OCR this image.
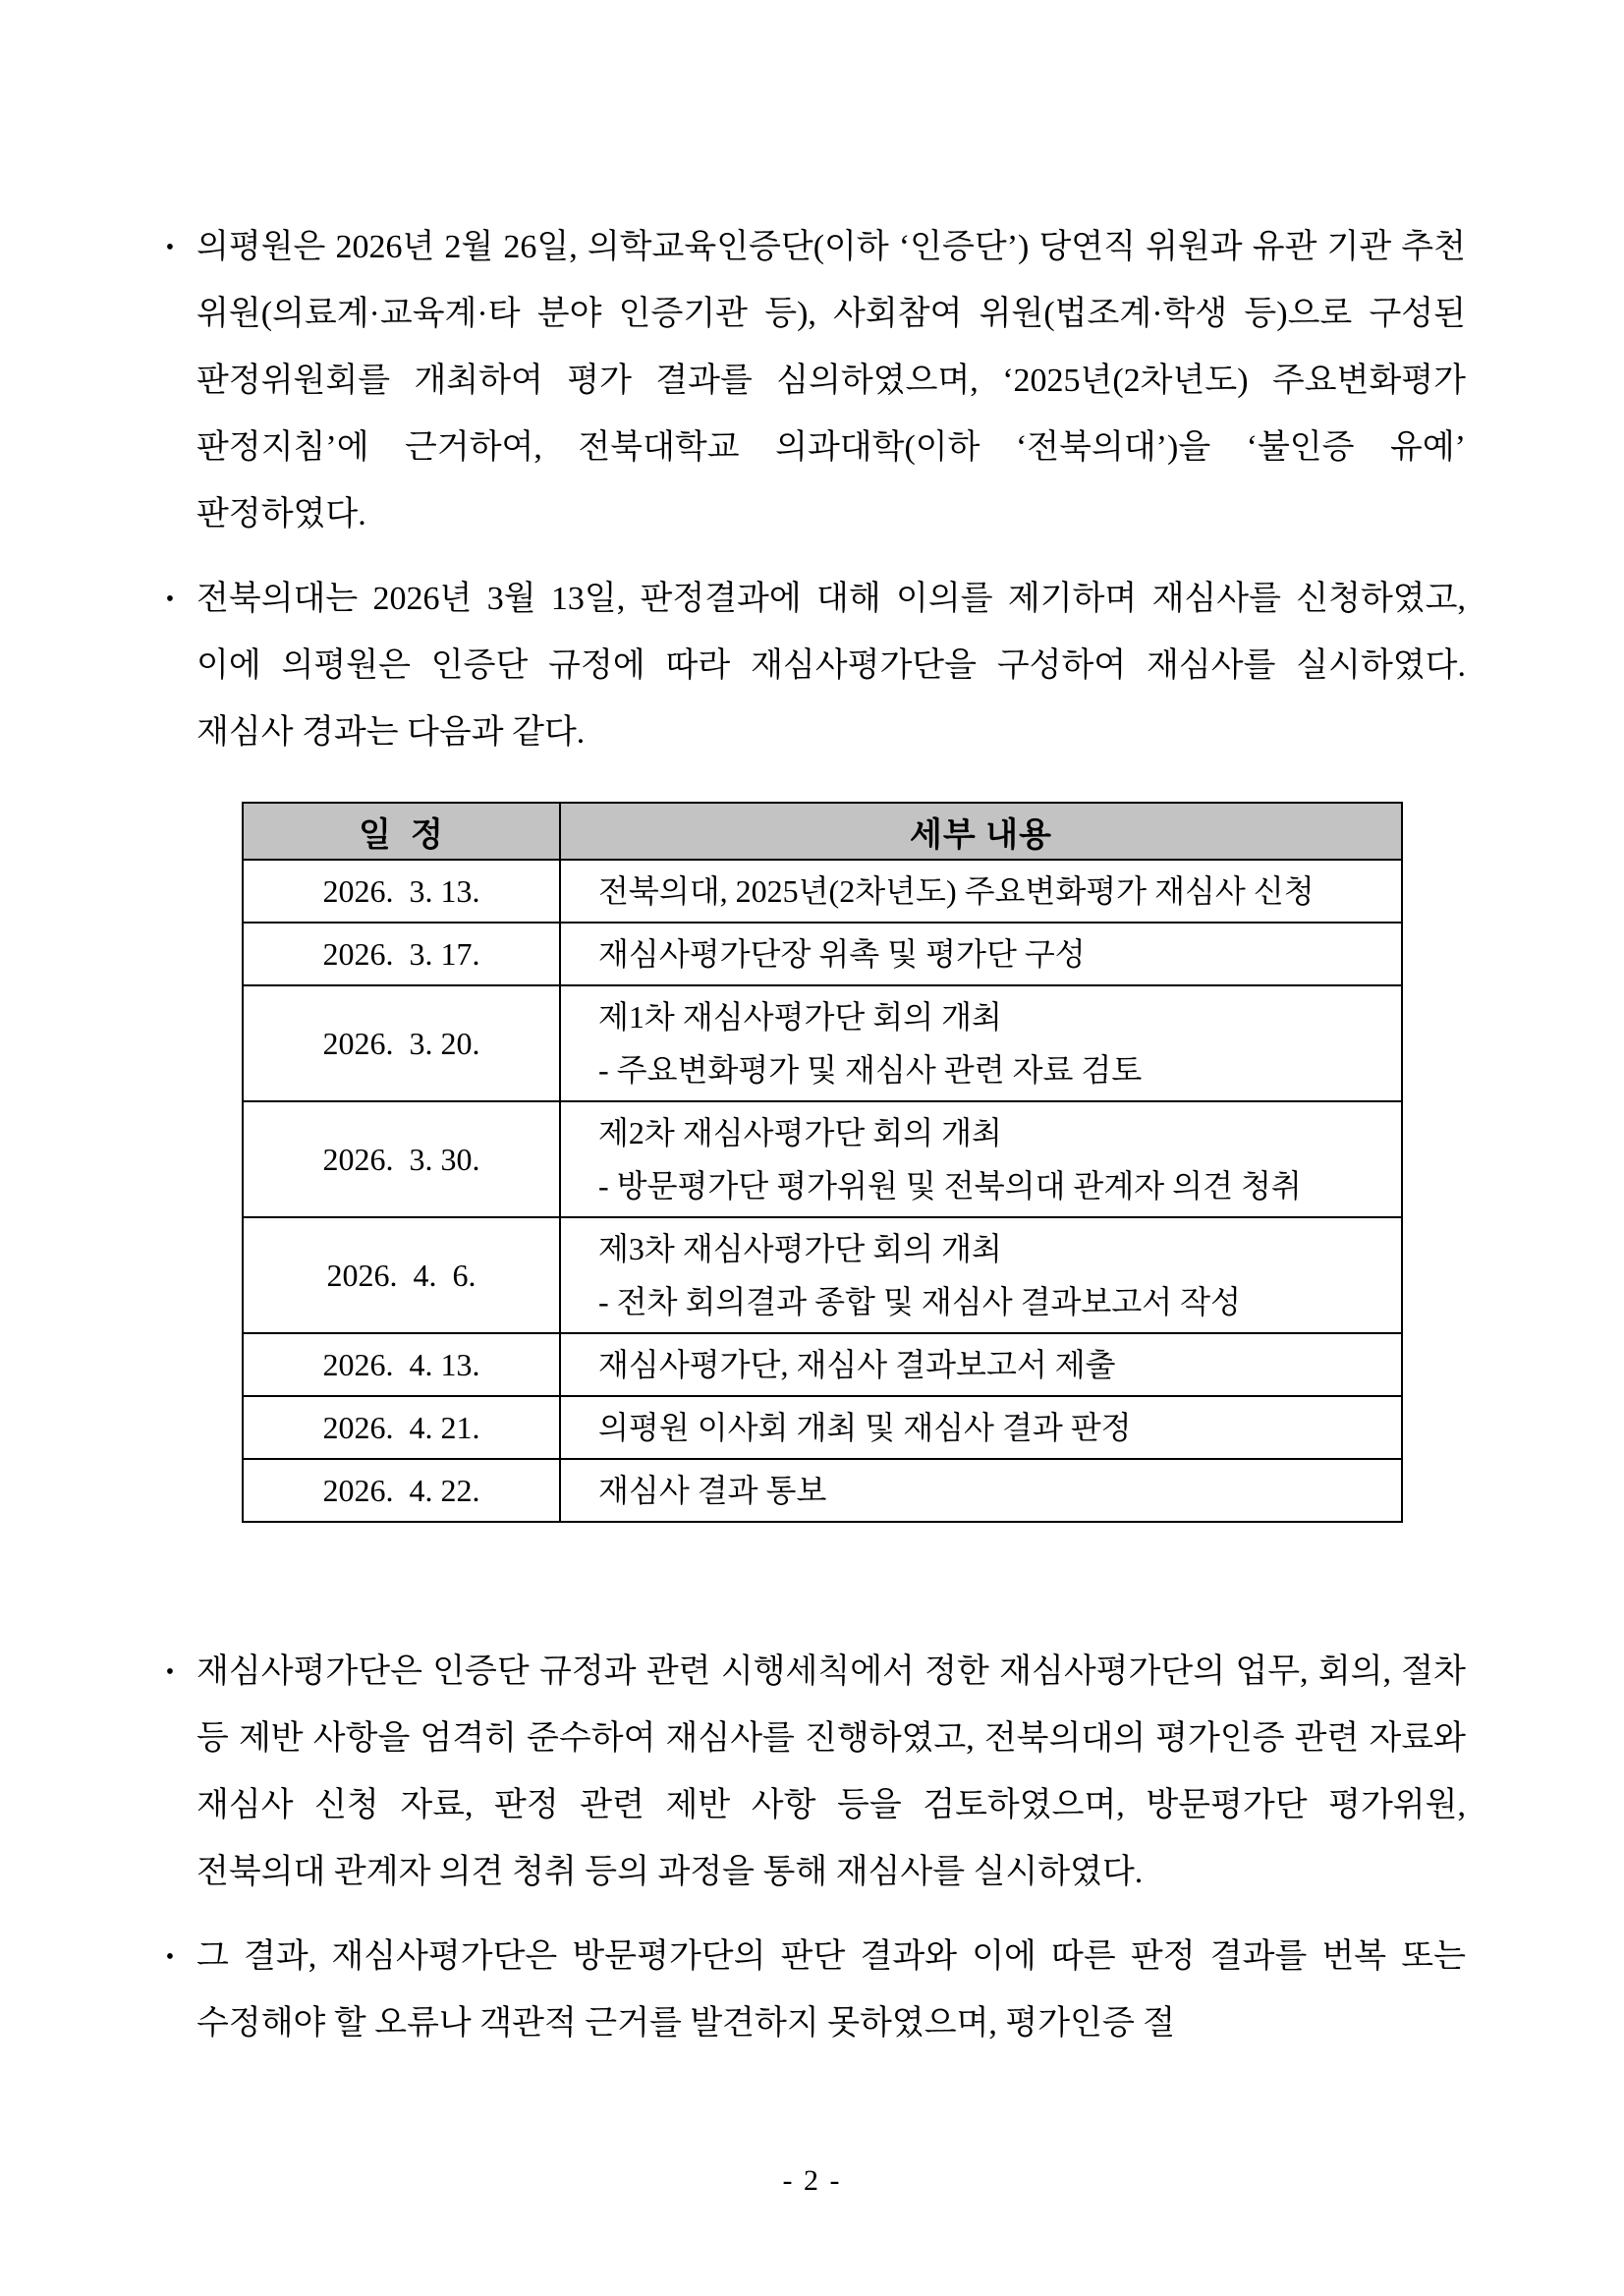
• 의평원은 2026년 2월 26일, 의학교육인증단(이하 ‘인증단’) 당연직 위원과 유관 기관 추천 위원(의료계·교육계·타 분야 인증기관 등), 사회참여 위원(법조계·학생 등)으로 구성된 판정위원회를 개최하여 평가 결과를 심의하였으며, ‘2025년(2차년도) 주요변화평가 판정지침’에 근거하여, 전북대학교 의과대학(이하 ‘전북의대’)을 ‘불인증 유예’ 판정하였다.
• 전북의대는 2026년 3월 13일, 판정결과에 대해 이의를 제기하며 재심사를 신청하였고, 이에 의평원은 인증단 규정에 따라 재심사평가단을 구성하여 재심사를 실시하였다. 재심사 경과는 다음과 같다.
일  정	세부 내용
2026.  3. 13.	전북의대, 2025년(2차년도) 주요변화평가 재심사 신청

2026.  3. 17.	재심사평가단장 위촉 및 평가단 구성

2026.  3. 20.	제1차 재심사평가단 회의 개최
- 주요변화평가 및 재심사 관련 자료 검토

2026.  3. 30.	제2차 재심사평가단 회의 개최
- 방문평가단 평가위원 및 전북의대 관계자 의견 청취

2026.  4.  6.	제3차 재심사평가단 회의 개최
- 전차 회의결과 종합 및 재심사 결과보고서 작성

2026.  4. 13.	재심사평가단, 재심사 결과보고서 제출

2026.  4. 21.	의평원 이사회 개최 및 재심사 결과 판정

2026.  4. 22.	재심사 결과 통보
• 재심사평가단은 인증단 규정과 관련 시행세칙에서 정한 재심사평가단의 업무, 회의, 절차 등 제반 사항을 엄격히 준수하여 재심사를 진행하였고, 전북의대의 평가인증 관련 자료와 재심사 신청 자료, 판정 관련 제반 사항 등을 검토하였으며, 방문평가단 평가위원, 전북의대 관계자 의견 청취 등의 과정을 통해 재심사를 실시하였다.
• 그 결과, 재심사평가단은 방문평가단의 판단 결과와 이에 따른 판정 결과를 번복 또는 수정해야 할 오류나 객관적 근거를 발견하지 못하였으며, 평가인증 절
- 2 -
